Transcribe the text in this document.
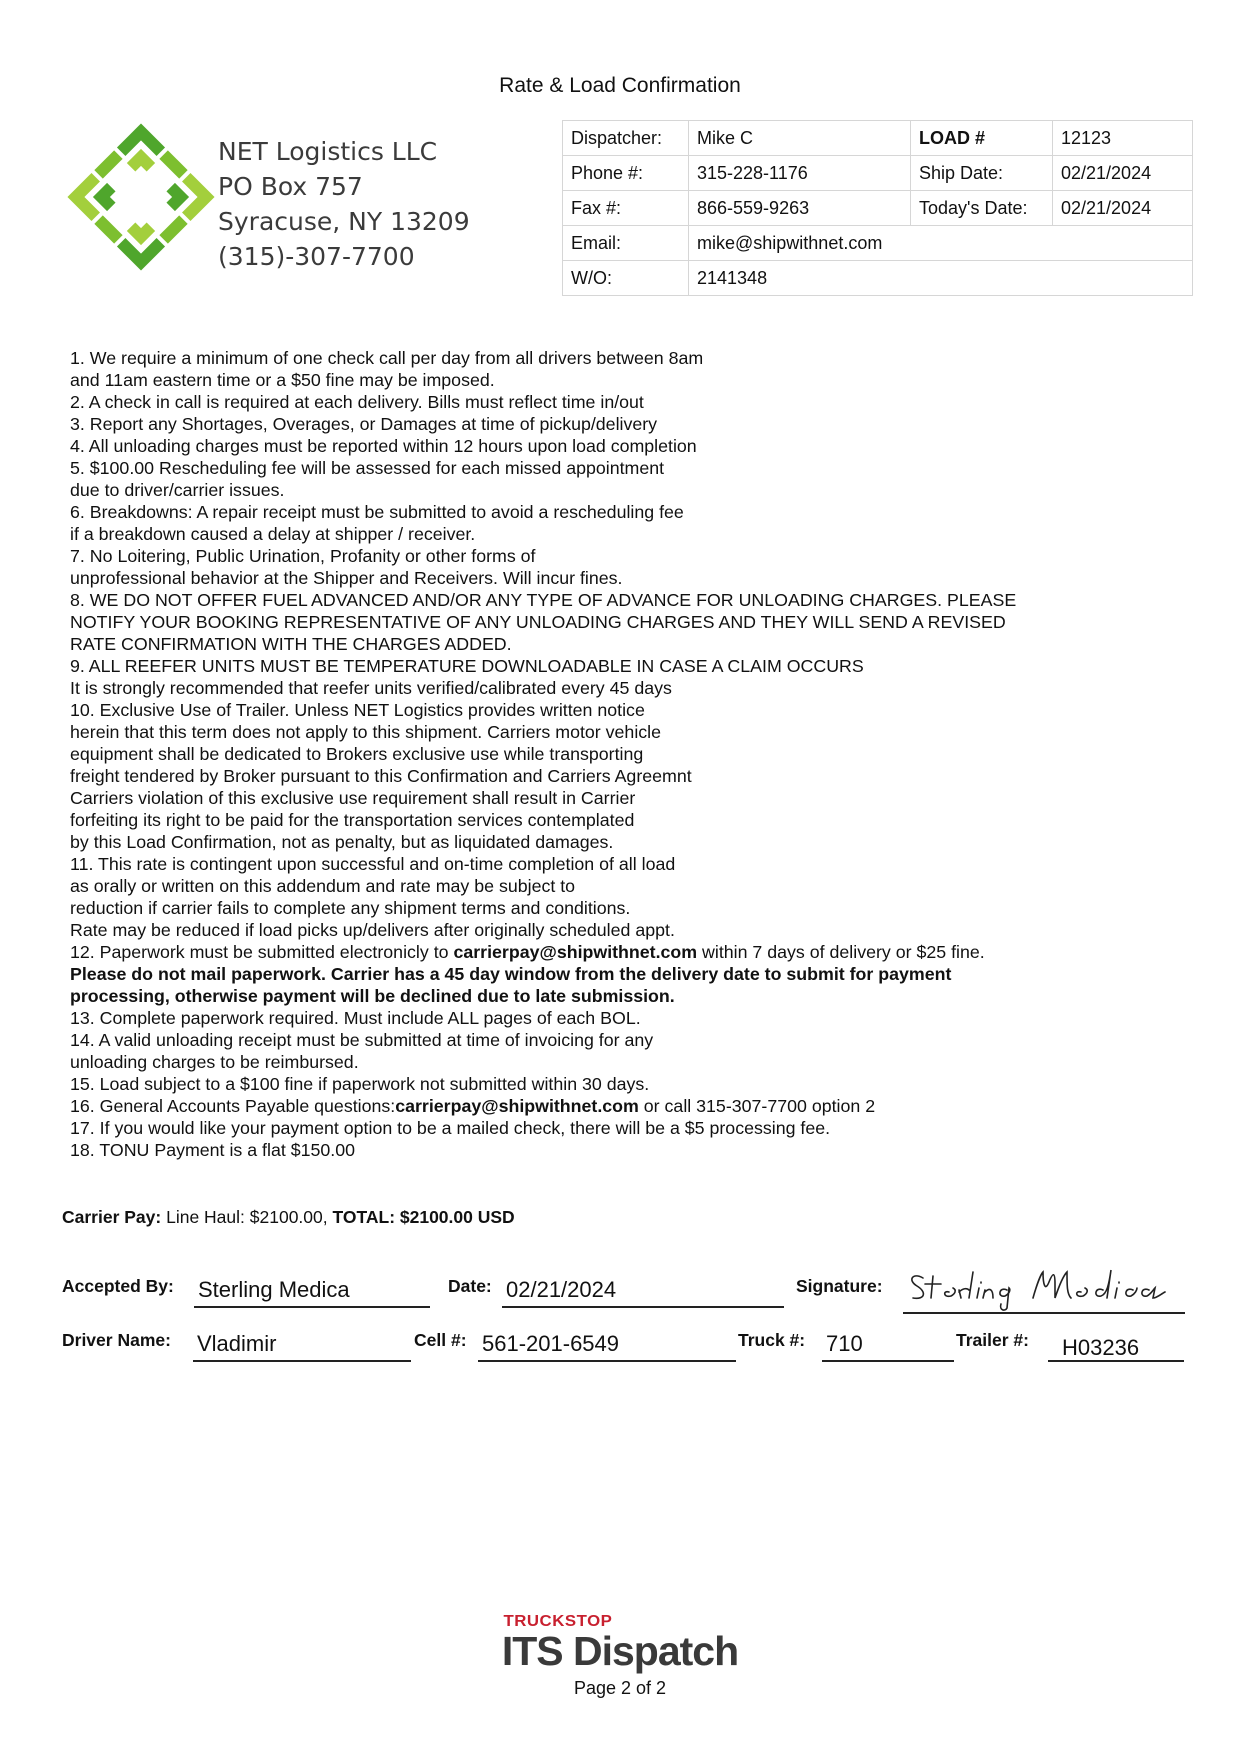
Rate & Load Confirmation
NET Logistics LLC
PO Box 757
Syracuse, NY 13209
(315)-307-7700
Dispatcher:	Mike C	LOAD #	12123
Phone #:	315-228-1176	Ship Date:	02/21/2024
Fax #:	866-559-9263	Today's Date:	02/21/2024
Email:	mike@shipwithnet.com		
W/O:	2141348		
1. We require a minimum of one check call per day from all drivers between 8am
and 11am eastern time or a $50 fine may be imposed.
2. A check in call is required at each delivery. Bills must reflect time in/out
3. Report any Shortages, Overages, or Damages at time of pickup/delivery
4. All unloading charges must be reported within 12 hours upon load completion
5. $100.00 Rescheduling fee will be assessed for each missed appointment
due to driver/carrier issues.
6. Breakdowns: A repair receipt must be submitted to avoid a rescheduling fee
if a breakdown caused a delay at shipper / receiver.
7. No Loitering, Public Urination, Profanity or other forms of
unprofessional behavior at the Shipper and Receivers. Will incur fines.
8. WE DO NOT OFFER FUEL ADVANCED AND/OR ANY TYPE OF ADVANCE FOR UNLOADING CHARGES. PLEASE
NOTIFY YOUR BOOKING REPRESENTATIVE OF ANY UNLOADING CHARGES AND THEY WILL SEND A REVISED
RATE CONFIRMATION WITH THE CHARGES ADDED.
9. ALL REEFER UNITS MUST BE TEMPERATURE DOWNLOADABLE IN CASE A CLAIM OCCURS
It is strongly recommended that reefer units verified/calibrated every 45 days
10. Exclusive Use of Trailer. Unless NET Logistics provides written notice
herein that this term does not apply to this shipment. Carriers motor vehicle
equipment shall be dedicated to Brokers exclusive use while transporting
freight tendered by Broker pursuant to this Confirmation and Carriers Agreemnt
Carriers violation of this exclusive use requirement shall result in Carrier
forfeiting its right to be paid for the transportation services contemplated
by this Load Confirmation, not as penalty, but as liquidated damages.
11. This rate is contingent upon successful and on-time completion of all load
as orally or written on this addendum and rate may be subject to
reduction if carrier fails to complete any shipment terms and conditions.
Rate may be reduced if load picks up/delivers after originally scheduled appt.
12. Paperwork must be submitted electronicly to carrierpay@shipwithnet.com within 7 days of delivery or $25 fine.
Please do not mail paperwork. Carrier has a 45 day window from the delivery date to submit for payment
processing, otherwise payment will be declined due to late submission.
13. Complete paperwork required. Must include ALL pages of each BOL.
14. A valid unloading receipt must be submitted at time of invoicing for any
unloading charges to be reimbursed.
15. Load subject to a $100 fine if paperwork not submitted within 30 days.
16. General Accounts Payable questions:carrierpay@shipwithnet.com or call 315-307-7700 option 2
17. If you would like your payment option to be a mailed check, there will be a $5 processing fee.
18. TONU Payment is a flat $150.00
Carrier Pay: Line Haul: $2100.00, TOTAL: $2100.00 USD
Accepted By: Sterling Medica	Date: 02/21/2024	Signature:
Driver Name: Vladimir	Cell #: 561-201-6549	Truck #: 710	Trailer #:	H03236
TRUCKSTOP
ITS Dispatch
Page 2 of 2
